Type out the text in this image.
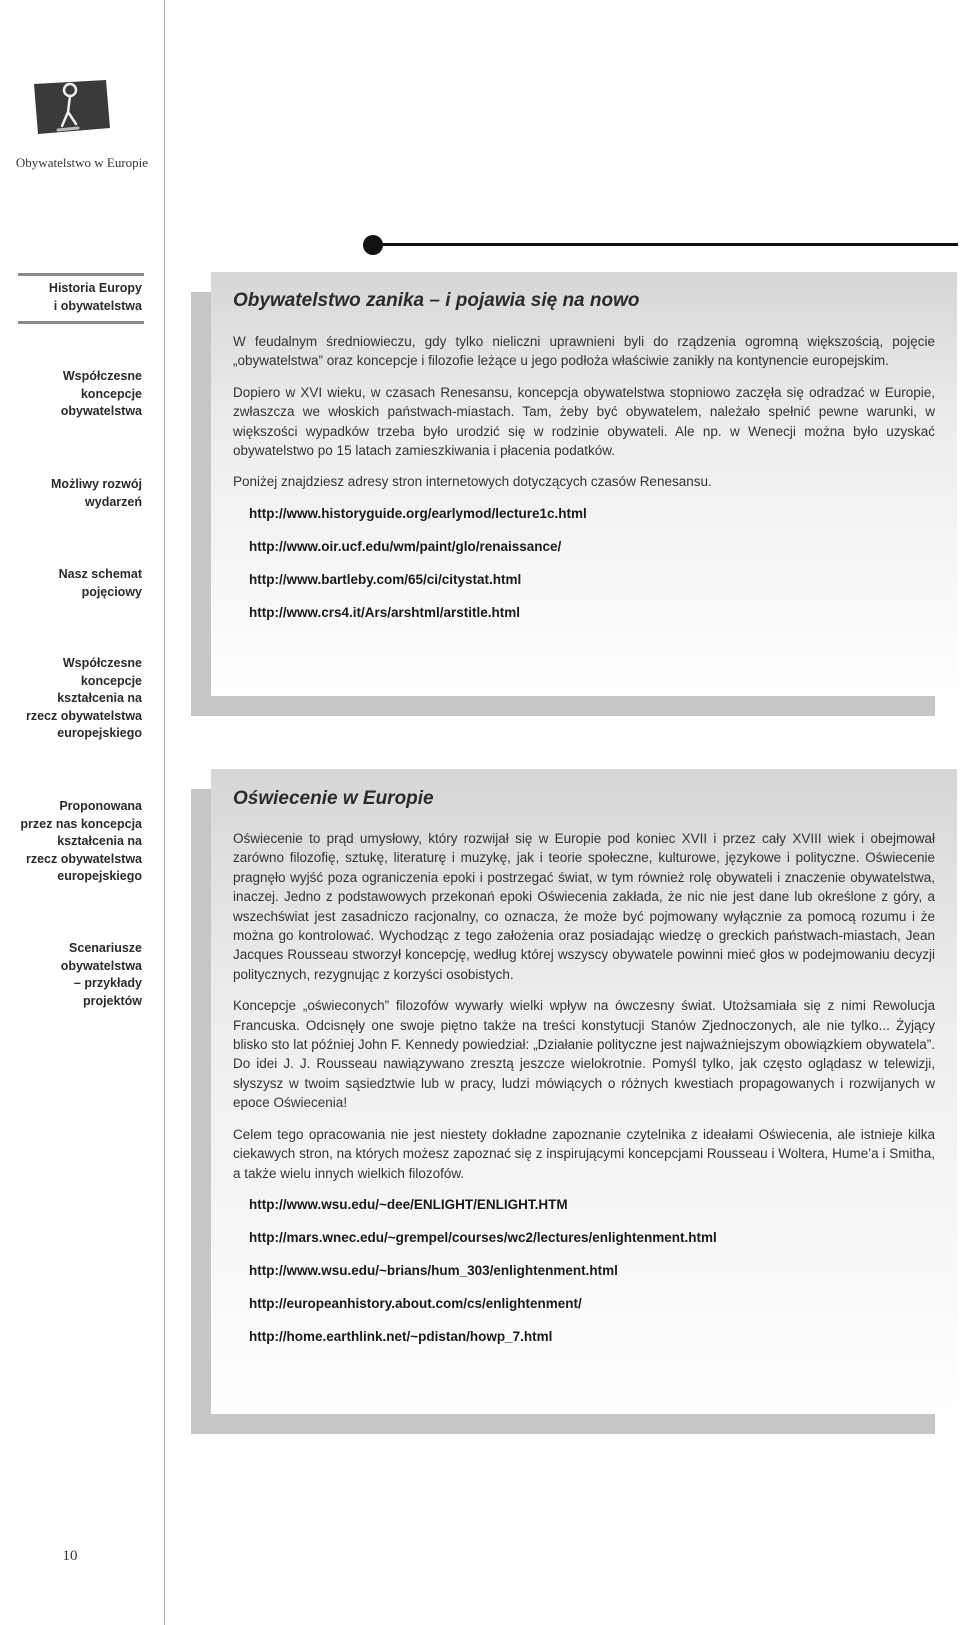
Obywatelstwo w Europie
Historia Europy
i obywatelstwa
Współczesne
koncepcje
obywatelstwa
Możliwy rozwój
wydarzeń
Nasz schemat
pojęciowy
Współczesne
koncepcje
kształcenia na
rzecz obywatelstwa
europejskiego
Proponowana
przez nas koncepcja
kształcenia na
rzecz obywatelstwa
europejskiego
Scenariusze
obywatelstwa
– przykłady
projektów
Obywatelstwo zanika – i pojawia się na nowo

W feudalnym średniowieczu, gdy tylko nieliczni uprawnieni byli do rządzenia ogromną większością, pojęcie „obywatelstwa” oraz koncepcje i filozofie leżące u jego podłoża właściwie zanikły na kontynencie europejskim.

Dopiero w XVI wieku, w czasach Renesansu, koncepcja obywatelstwa stopniowo zaczęła się odradzać w Europie, zwłaszcza we włoskich państwach-miastach. Tam, żeby być obywatelem, należało spełnić pewne warunki, w większości wypadków trzeba było urodzić się w rodzinie obywateli. Ale np. w Wenecji można było uzyskać obywatelstwo po 15 latach zamieszkiwania i płacenia podatków.

Poniżej znajdziesz adresy stron internetowych dotyczących czasów Renesansu.

http://www.historyguide.org/earlymod/lecture1c.html
http://www.oir.ucf.edu/wm/paint/glo/renaissance/
http://www.bartleby.com/65/ci/citystat.html
http://www.crs4.it/Ars/arshtml/arstitle.html
Oświecenie w Europie

Oświecenie to prąd umysłowy, który rozwijał się w Europie pod koniec XVII i przez cały XVIII wiek i obejmował zarówno filozofię, sztukę, literaturę i muzykę, jak i teorie społeczne, kulturowe, językowe i polityczne. Oświecenie pragnęło wyjść poza ograniczenia epoki i postrzegać świat, w tym również rolę obywateli i znaczenie obywatelstwa, inaczej. Jedno z podstawowych przekonań epoki Oświecenia zakłada, że nic nie jest dane lub określone z góry, a wszechświat jest zasadniczo racjonalny, co oznacza, że może być pojmowany wyłącznie za pomocą rozumu i że można go kontrolować. Wychodząc z tego założenia oraz posiadając wiedzę o greckich państwach-miastach, Jean Jacques Rousseau stworzył koncepcję, według której wszyscy obywatele powinni mieć głos w podejmowaniu decyzji politycznych, rezygnując z korzyści osobistych.

Koncepcje „oświeconych” filozofów wywarły wielki wpływ na ówczesny świat. Utożsamiała się z nimi Rewolucja Francuska. Odcisnęły one swoje piętno także na treści konstytucji Stanów Zjednoczonych, ale nie tylko... Żyjący blisko sto lat później John F. Kennedy powiedział: „Działanie polityczne jest najważniejszym obowiązkiem obywatela”. Do idei J. J. Rousseau nawiązywano zresztą jeszcze wielokrotnie. Pomyśl tylko, jak często oglądasz w telewizji, słyszysz w twoim sąsiedztwie lub w pracy, ludzi mówiących o różnych kwestiach propagowanych i rozwijanych w epoce Oświecenia!

Celem tego opracowania nie jest niestety dokładne zapoznanie czytelnika z ideałami Oświecenia, ale istnieje kilka ciekawych stron, na których możesz zapoznać się z inspirującymi koncepcjami Rousseau i Woltera, Hume’a i Smitha, a także wielu innych wielkich filozofów.

http://www.wsu.edu/~dee/ENLIGHT/ENLIGHT.HTM
http://mars.wnec.edu/~grempel/courses/wc2/lectures/enlightenment.html
http://www.wsu.edu/~brians/hum_303/enlightenment.html
http://europeanhistory.about.com/cs/enlightenment/
http://home.earthlink.net/~pdistan/howp_7.html
10
